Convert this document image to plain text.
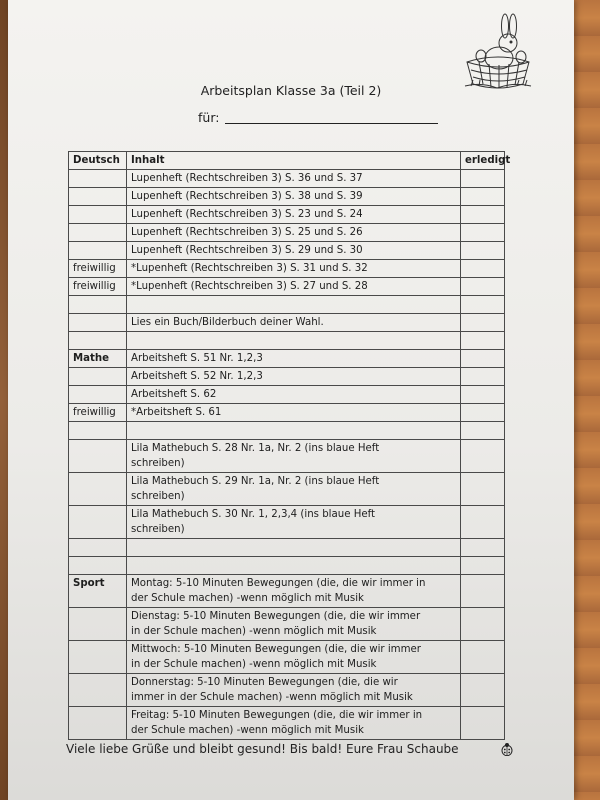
Arbeitsplan Klasse 3a (Teil 2)
für:
Deutsch	Inhalt	erledigt

	Lupenheft (Rechtschreiben 3) S. 36 und S. 37	

	Lupenheft (Rechtschreiben 3) S. 38 und S. 39	

	Lupenheft (Rechtschreiben 3) S. 23 und S. 24	

	Lupenheft (Rechtschreiben 3) S. 25 und S. 26	

	Lupenheft (Rechtschreiben 3) S. 29 und S. 30	

freiwillig	*Lupenheft (Rechtschreiben 3) S. 31 und S. 32	

freiwillig	*Lupenheft (Rechtschreiben 3) S. 27 und S. 28	

	Lies ein Buch/Bilderbuch deiner Wahl.	

Mathe	Arbeitsheft S. 51 Nr. 1,2,3	

	Arbeitsheft S. 52 Nr. 1,2,3	

	Arbeitsheft S. 62	

freiwillig	*Arbeitsheft S. 61	

	Lila Mathebuch S. 28 Nr. 1a, Nr. 2 (ins blaue Heft
schreiben)	

	Lila Mathebuch S. 29 Nr. 1a, Nr. 2 (ins blaue Heft
schreiben)	

	Lila Mathebuch S. 30 Nr. 1, 2,3,4 (ins blaue Heft
schreiben)	

Sport	Montag: 5-10 Minuten Bewegungen (die, die wir immer in
der Schule machen) -wenn möglich mit Musik	

	Dienstag: 5-10 Minuten Bewegungen (die, die wir immer
in der Schule machen) -wenn möglich mit Musik	

	Mittwoch: 5-10 Minuten Bewegungen (die, die wir immer
in der Schule machen) -wenn möglich mit Musik	

	Donnerstag: 5-10 Minuten Bewegungen (die, die wir
immer in der Schule machen) -wenn möglich mit Musik	

	Freitag: 5-10 Minuten Bewegungen (die, die wir immer in
der Schule machen) -wenn möglich mit Musik	

Viele liebe Grüße und bleibt gesund! Bis bald! Eure Frau Schaube
